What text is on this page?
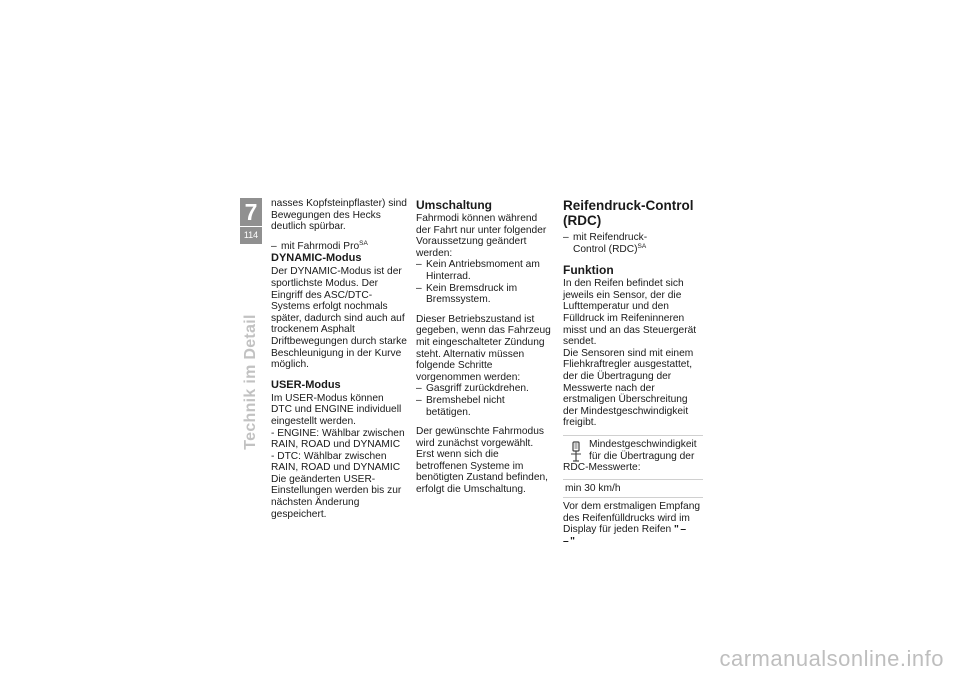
7
114
Technik im Detail

nasses Kopfsteinpflaster) sind Bewegungen des Hecks deutlich spürbar.

– mit Fahrmodi Pro$^{SA}$
DYNAMIC-Modus

Der DYNAMIC-Modus ist der sportlichste Modus. Der Eingriff des ASC/DTC-Systems erfolgt nochmals später, dadurch sind auch auf trockenem Asphalt Driftbewegungen durch starke Beschleunigung in der Kurve möglich.

USER-Modus

Im USER-Modus können DTC und ENGINE individuell eingestellt werden.

- ENGINE: Wählbar zwischen RAIN, ROAD und DYNAMIC

- DTC: Wählbar zwischen RAIN, ROAD und DYNAMIC

Die geänderten USER-Einstellungen werden bis zur nächsten Änderung gespeichert.

Umschaltung

Fahrmodi können während der Fahrt nur unter folgender Voraussetzung geändert werden:

– Kein Antriebsmoment am Hinterrad.
– Kein Bremsdruck im Bremssystem.

Dieser Betriebszustand ist gegeben, wenn das Fahrzeug mit eingeschalteter Zündung steht. Alternativ müssen folgende Schritte vorgenommen werden:

– Gasgriff zurückdrehen.
– Bremshebel nicht betätigen.

Der gewünschte Fahrmodus wird zunächst vorgewählt. Erst wenn sich die betroffenen Systeme im benötigten Zustand befinden, erfolgt die Umschaltung.

Reifendruck-Control (RDC)
– mit Reifendruck-
Control (RDC)$^{SA}$
Funktion

In den Reifen befindet sich jeweils ein Sensor, der die Lufttemperatur und den Fülldruck im Reifeninneren misst und an das Steuergerät sendet.

Die Sensoren sind mit einem Fliehkraftregler ausgestattet, der die Übertragung der Messwerte nach der erstmaligen Überschreitung der Mindestgeschwindigkeit freigibt.

Mindestgeschwindigkeit
für die Übertragung der
RDC-Messwerte:
min 30 km/h

Vor dem erstmaligen Empfang des Reifenfülldrucks wird im Display für jeden Reifen "– –"

carmanualsonline.info
